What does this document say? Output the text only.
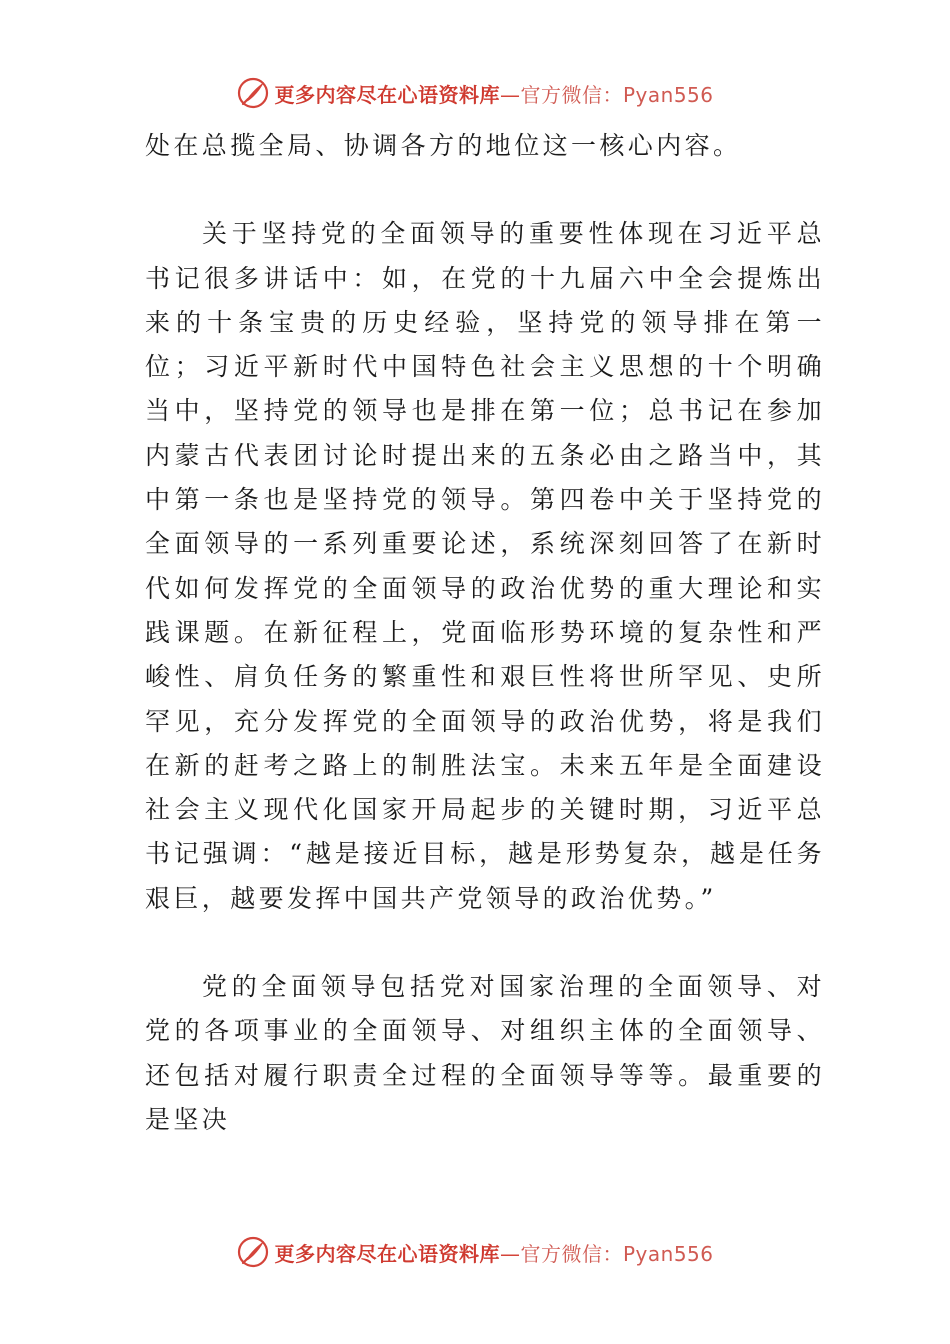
更多内容尽在心语资料库—官方微信：Pyan556

处在总揽全局、协调各方的地位这一核心内容。

关于坚持党的全面领导的重要性体现在习近平总书记很多讲话中：如，在党的十九届六中全会提炼出来的十条宝贵的历史经验，坚持党的领导排在第一位；习近平新时代中国特色社会主义思想的十个明确当中，坚持党的领导也是排在第一位；总书记在参加内蒙古代表团讨论时提出来的五条必由之路当中，其中第一条也是坚持党的领导。第四卷中关于坚持党的全面领导的一系列重要论述，系统深刻回答了在新时代如何发挥党的全面领导的政治优势的重大理论和实践课题。在新征程上，党面临形势环境的复杂性和严峻性、肩负任务的繁重性和艰巨性将世所罕见、史所罕见，充分发挥党的全面领导的政治优势，将是我们在新的赶考之路上的制胜法宝。未来五年是全面建设社会主义现代化国家开局起步的关键时期，习近平总书记强调：“越是接近目标，越是形势复杂，越是任务艰巨，越要发挥中国共产党领导的政治优势。”

党的全面领导包括党对国家治理的全面领导、对党的各项事业的全面领导、对组织主体的全面领导、还包括对履行职责全过程的全面领导等等。最重要的是坚决

更多内容尽在心语资料库—官方微信：Pyan556
